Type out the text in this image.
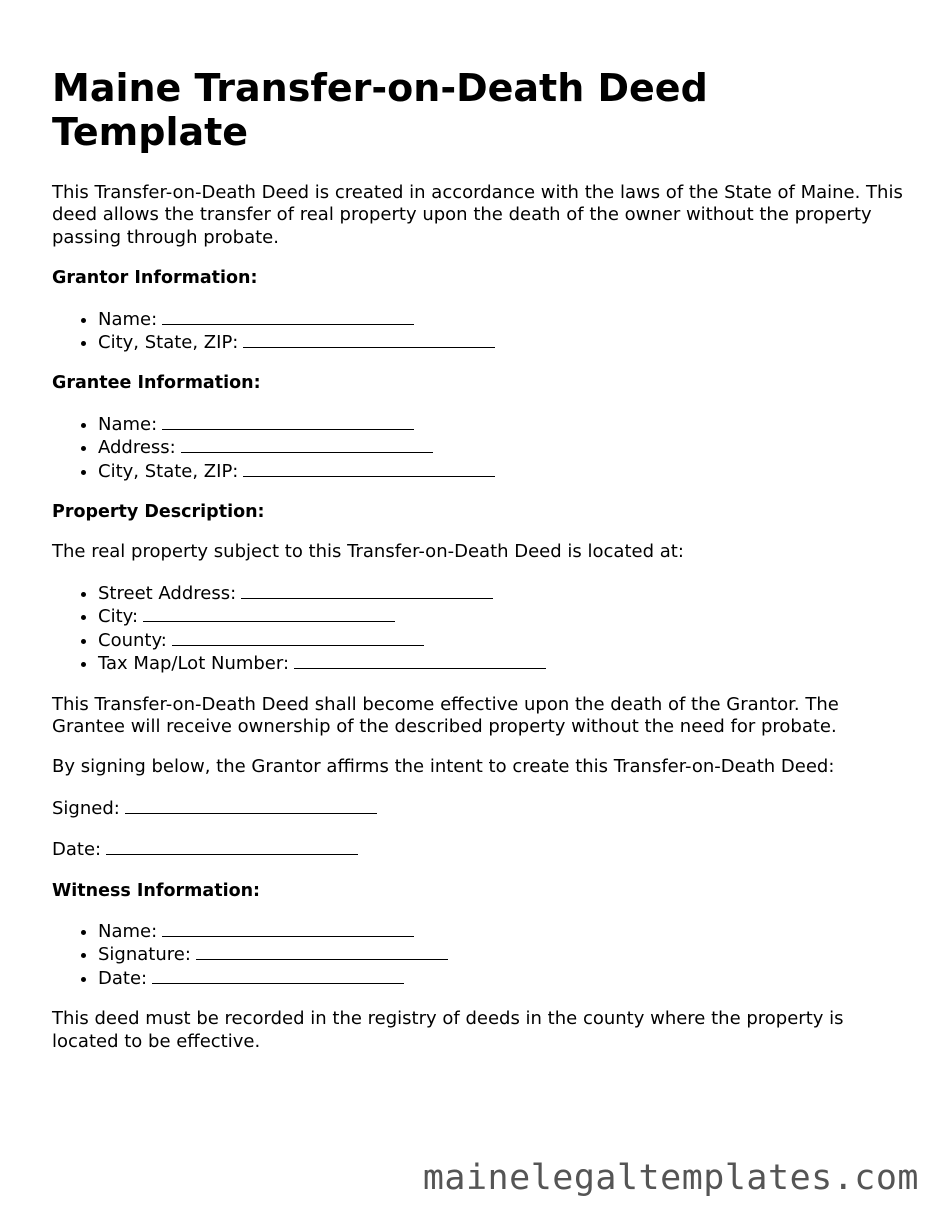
Maine Transfer-on-Death Deed Template

This Transfer-on-Death Deed is created in accordance with the laws of the State of Maine. This deed allows the transfer of real property upon the death of the owner without the property passing through probate.

Grantor Information:

• Name:
• City, State, ZIP:

Grantee Information:

• Name:
• Address:
• City, State, ZIP:

Property Description:

The real property subject to this Transfer-on-Death Deed is located at:

• Street Address:
• City:
• County:
• Tax Map/Lot Number:

This Transfer-on-Death Deed shall become effective upon the death of the Grantor. The Grantee will receive ownership of the described property without the need for probate.

By signing below, the Grantor affirms the intent to create this Transfer-on-Death Deed:

Signed:

Date:

Witness Information:

• Name:
• Signature:
• Date:

This deed must be recorded in the registry of deeds in the county where the property is located to be effective.

mainelegaltemplates.com
